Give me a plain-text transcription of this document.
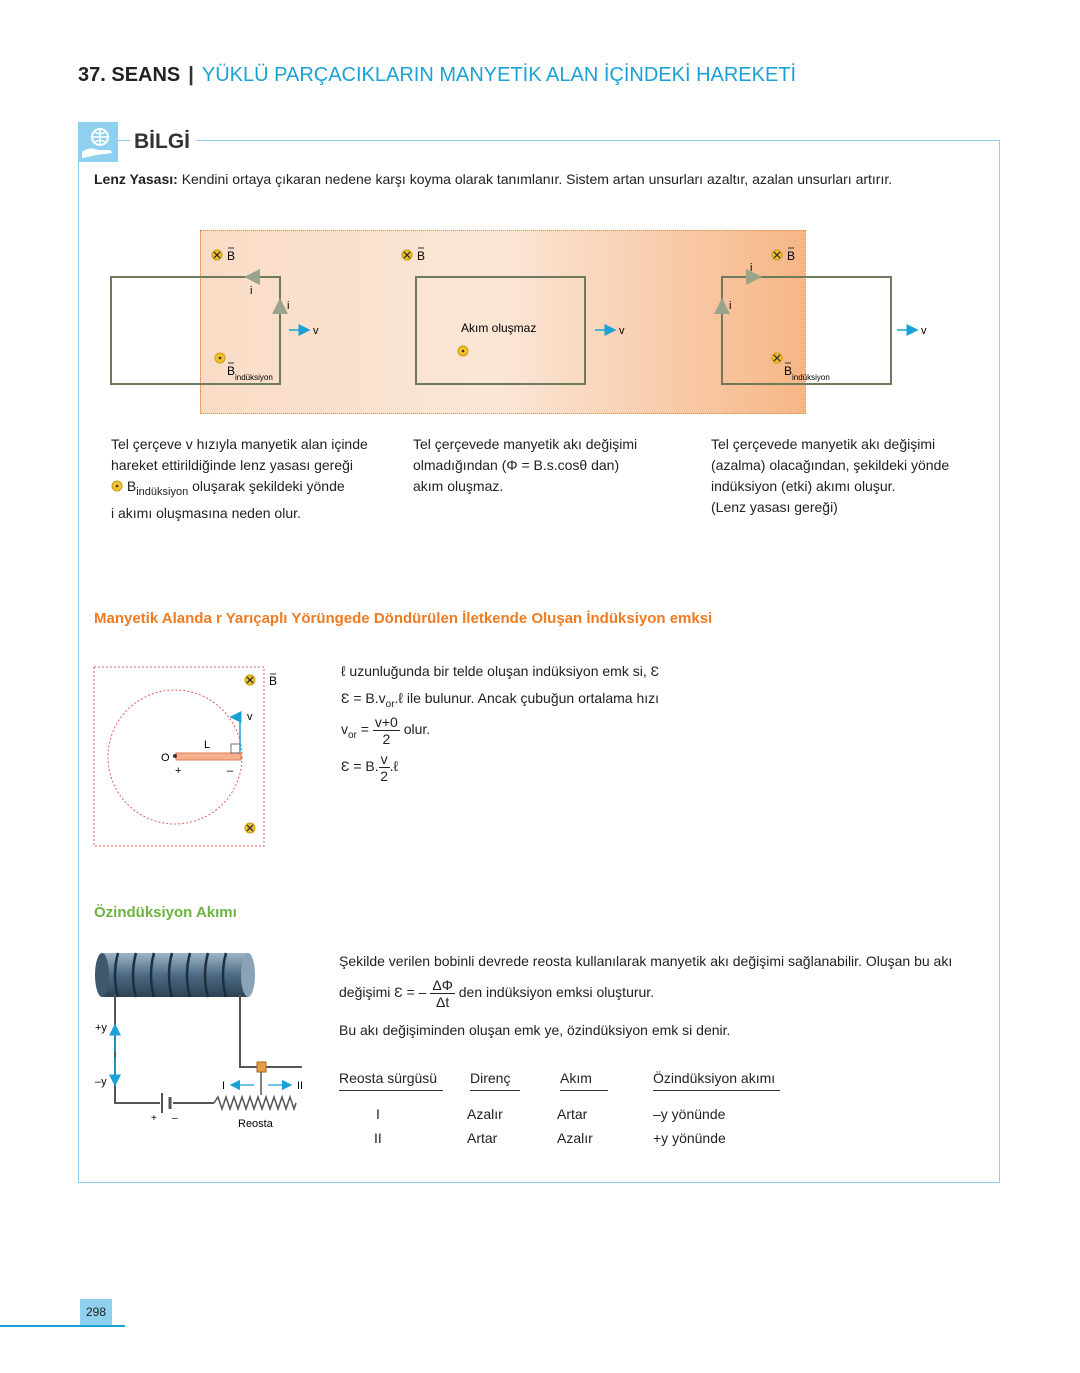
37. SEANS | YÜKLÜ PARÇACIKLARIN MANYETİK ALAN İÇİNDEKİ HAREKETİ
BİLGİ
Lenz Yasası: Kendini ortaya çıkaran nedene karşı koyma olarak tanımlanır. Sistem artan unsurları azaltır, azalan unsurları artırır.
B	B	B
i
i
v
B indüksiyon
Akım oluşmaz	v
i
i
v
B indüksiyon
Tel çerçeve v hızıyla manyetik alan içinde
hareket ettirildiğinde lenz yasası gereği
$B_{indüksiyon}$ oluşarak şekildeki yönde
i akımı oluşmasına neden olur.
Tel çerçevede manyetik akı değişimi
olmadığından (Φ = B.s.cosθ dan)
akım oluşmaz.
Tel çerçevede manyetik akı değişimi
(azalma) olacağından, şekildeki yönde
indüksiyon (etki) akımı oluşur.
(Lenz yasası gereği)
Manyetik Alanda r Yarıçaplı Yörüngede Döndürülen İletkende Oluşan İndüksiyon emksi
B
O
+	–
L
v
ℓ uzunluğunda bir telde oluşan indüksiyon emk si, Ɛ
Ɛ = $B.v_{or}.\ell$ ile bulunur. Ancak çubuğun ortalama hızı
$v_{or} = \frac{v+0}{2}$ olur.
Ɛ = B. $\frac{v}{2}$ .ℓ
Özindüksiyon Akımı
+ –	Reosta
I	II
+y
–y
Şekilde verilen bobinli devrede reosta kullanılarak manyetik akı değişimi sağlanabilir. Oluşan bu akı
değişimi Ɛ = – $\frac{\Delta\Phi}{\Delta t}$ den indüksiyon emksi oluşturur.
Bu akı değişiminden oluşan emk ye, özindüksiyon emk si denir.
Reosta sürgüsü	Direnç	Akım	Özindüksiyon akımı
I	Azalır	Artar	–y yönünde
II	Artar	Azalır	+y yönünde
298
